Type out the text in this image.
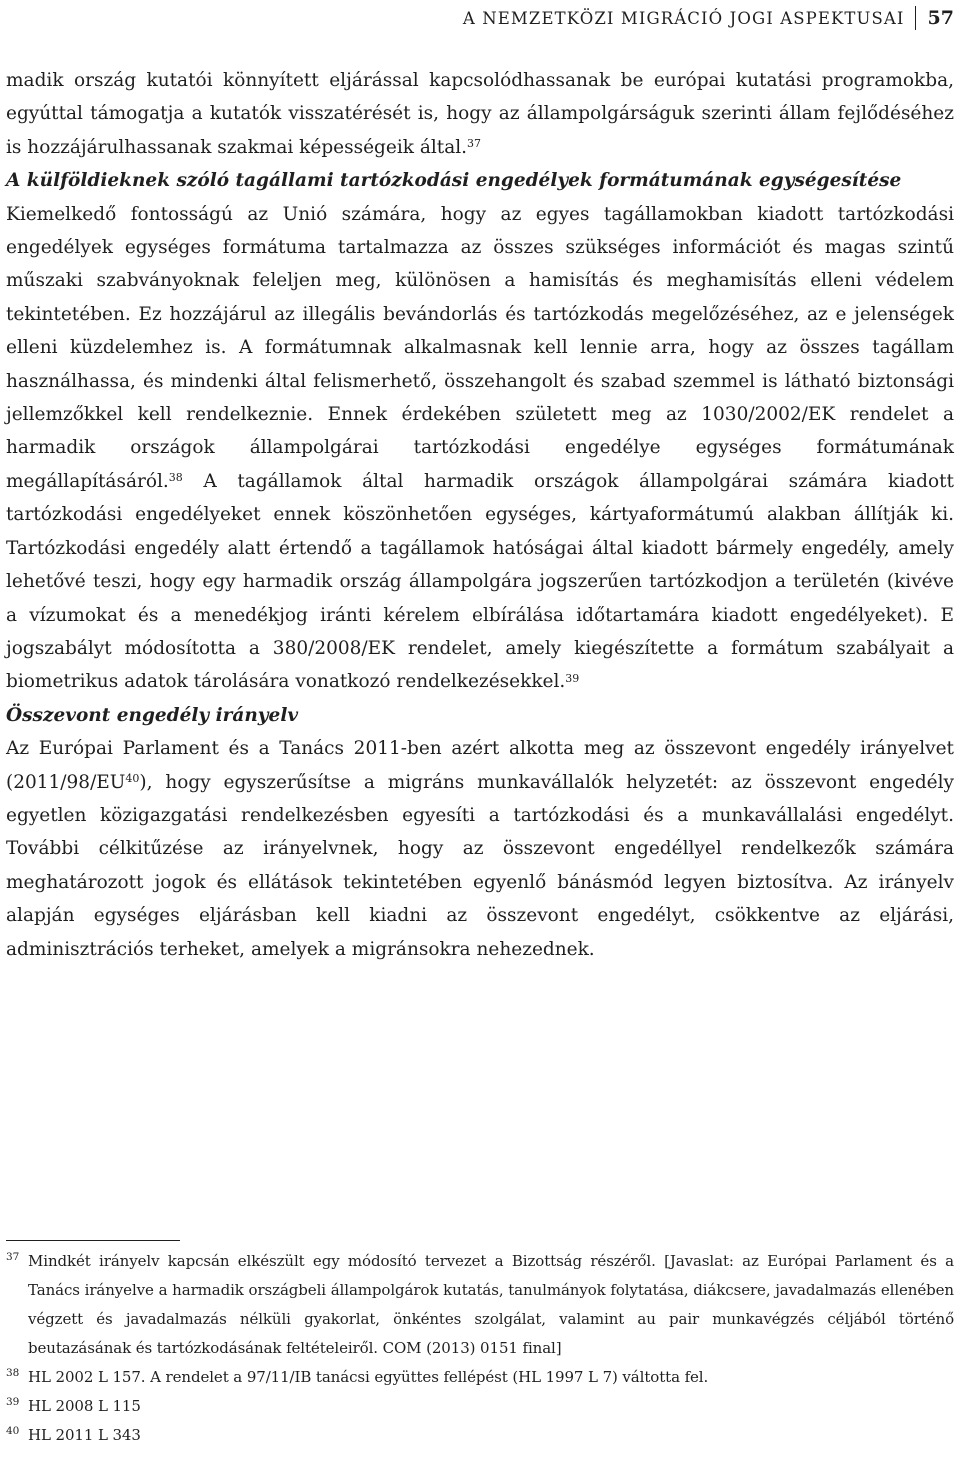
A NEMZETKÖZI MIGRÁCIÓ JOGI ASPEKTUSAI	57

madik ország kutatói könnyített eljárással kapcsolódhassanak be európai kutatási programokba, egyúttal támogatja a kutatók visszatérését is, hogy az állampolgárságuk szerinti állam fejlődéséhez is hozzájárulhassanak szakmai képességeik által.$^{37}$

A külföldieknek szóló tagállami tartózkodási engedélyek formátumának egységesítése

Kiemelkedő fontosságú az Unió számára, hogy az egyes tagállamokban kiadott tartózkodási engedélyek egységes formátuma tartalmazza az összes szükséges információt és magas szintű műszaki szabványoknak feleljen meg, különösen a hamisítás és meghamisítás elleni védelem tekintetében. Ez hozzájárul az illegális bevándorlás és tartózkodás megelőzéséhez, az e jelenségek elleni küzdelemhez is. A formátumnak alkalmasnak kell lennie arra, hogy az összes tagállam használhassa, és mindenki által felismerhető, összehangolt és szabad szemmel is látható biztonsági jellemzőkkel kell rendelkeznie. Ennek érdekében született meg az 1030/2002/EK rendelet a harmadik országok állampolgárai tartózkodási engedélye egységes formátumának megállapításáról.$^{38}$ A tagállamok által harmadik országok állampolgárai számára kiadott tartózkodási engedélyeket ennek köszönhetően egységes, kártyaformátumú alakban állítják ki. Tartózkodási engedély alatt értendő a tagállamok hatóságai által kiadott bármely engedély, amely lehetővé teszi, hogy egy harmadik ország állampolgára jogszerűen tartózkodjon a területén (kivéve a vízumokat és a menedékjog iránti kérelem elbírálása időtartamára kiadott engedélyeket). E jogszabályt módosította a 380/2008/EK rendelet, amely kiegészítette a formátum szabályait a biometrikus adatok tárolására vonatkozó rendelkezésekkel.$^{39}$

Összevont engedély irányelv

Az Európai Parlament és a Tanács 2011-ben azért alkotta meg az összevont engedély irányelvet (2011/98/EU$^{40}$), hogy egyszerűsítse a migráns munkavállalók helyzetét: az összevont engedély egyetlen közigazgatási rendelkezésben egyesíti a tartózkodási és a munkavállalási engedélyt. További célkitűzése az irányelvnek, hogy az összevont engedéllyel rendelkezők számára meghatározott jogok és ellátások tekintetében egyenlő bánásmód legyen biztosítva. Az irányelv alapján egységes eljárásban kell kiadni az összevont engedélyt, csökkentve az eljárási, adminisztrációs terheket, amelyek a migránsokra nehezednek.

37 Mindkét irányelv kapcsán elkészült egy módosító tervezet a Bizottság részéről. [Javaslat: az Európai Parlament és a Tanács irányelve a harmadik országbeli állampolgárok kutatás, tanulmányok folytatása, diákcsere, javadalmazás ellenében végzett és javadalmazás nélküli gyakorlat, önkéntes szolgálat, valamint au pair munkavégzés céljából történő beutazásának és tartózkodásának feltételeiről. COM (2013) 0151 final]
38 HL 2002 L 157. A rendelet a 97/11/IB tanácsi együttes fellépést (HL 1997 L 7) váltotta fel.
39 HL 2008 L 115
40 HL 2011 L 343
